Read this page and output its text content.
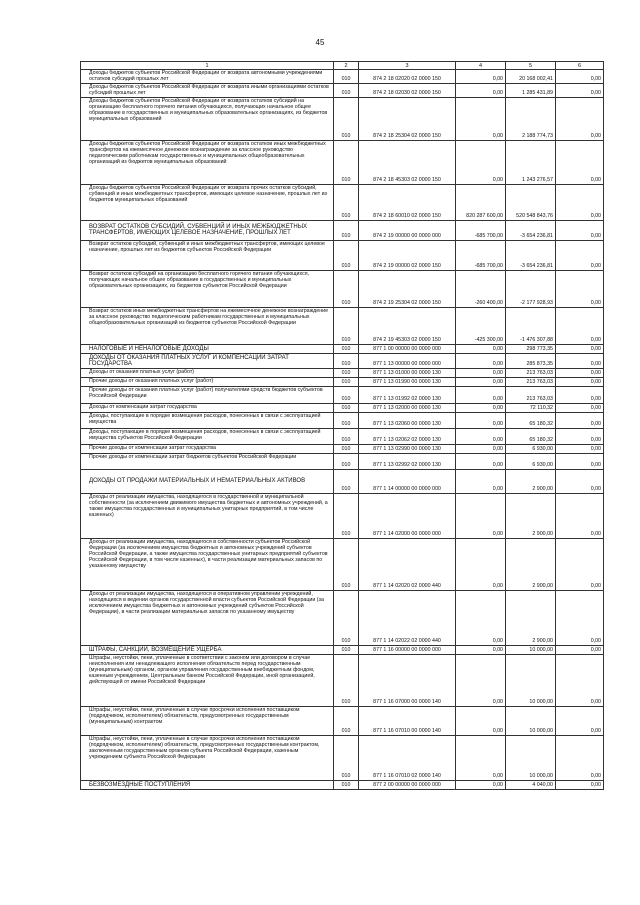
45
1	2	3	4	5	6
Доходы бюджетов субъектов Российской Федерации от возврата автономными учреждениями остатков субсидий прошлых лет	010	874 2 18 02020 02 0000 150	0,00	20 168 002,41	0,00
Доходы бюджетов субъектов Российской Федерации от возврата иными организациями остатков субсидий прошлых лет	010	874 2 18 02030 02 0000 150	0,00	1 285 431,89	0,00
Доходы бюджетов субъектов Российской Федерации от возврата остатков субсидий на организацию бесплатного горячего питания обучающихся, получающих начальное общее образование в государственных и муниципальных образовательных организациях, из бюджетов муниципальных образований	010	874 2 18 25304 02 0000 150	0,00	2 188 774,73	0,00
Доходы бюджетов субъектов Российской Федерации от возврата остатков иных межбюджетных трансфертов на ежемесячное денежное вознаграждение за классное руководство педагогическим работникам государственных и муниципальных общеобразовательных организаций из бюджетов муниципальных образований	010	874 2 18 45303 02 0000 150	0,00	1 243 276,57	0,00
Доходы бюджетов субъектов Российской Федерации от возврата прочих остатков субсидий, субвенций и иных межбюджетных трансфертов, имеющих целевое назначение, прошлых лет из бюджетов муниципальных образований	010	874 2 18 60010 02 0000 150	820 287 600,00	520 548 843,76	0,00
ВОЗВРАТ ОСТАТКОВ СУБСИДИЙ, СУБВЕНЦИЙ И ИНЫХ МЕЖБЮДЖЕТНЫХ ТРАНСФЕРТОВ, ИМЕЮЩИХ ЦЕЛЕВОЕ НАЗНАЧЕНИЕ, ПРОШЛЫХ ЛЕТ	010	874 2 19 00000 00 0000 000	-685 700,00	-3 654 236,81	0,00
Возврат остатков субсидий, субвенций и иных межбюджетных трансфертов, имеющих целевое назначение, прошлых лет из бюджетов субъектов Российской Федерации	010	874 2 19 00000 02 0000 150	-685 700,00	-3 654 236,81	0,00
Возврат остатков субсидий на организацию бесплатного горячего питания обучающихся, получающих начальное общее образование в государственных и муниципальных образовательных организациях, из бюджетов субъектов Российской Федерации	010	874 2 19 25304 02 0000 150	-260 400,00	-2 177 928,93	0,00
Возврат остатков иных межбюджетных трансфертов на ежемесячное денежное вознаграждение за классное руководство педагогическим работникам государственных и муниципальных общеобразовательных организаций из бюджетов субъектов Российской Федерации	010	874 2 19 45303 02 0000 150	-425 300,00	-1 476 307,88	0,00
НАЛОГОВЫЕ И НЕНАЛОГОВЫЕ ДОХОДЫ	010	877 1 00 00000 00 0000 000	0,00	298 773,35	0,00
ДОХОДЫ ОТ ОКАЗАНИЯ ПЛАТНЫХ УСЛУГ И КОМПЕНСАЦИИ ЗАТРАТ ГОСУДАРСТВА	010	877 1 13 00000 00 0000 000	0,00	285 873,35	0,00
Доходы от оказания платных услуг (работ)	010	877 1 13 01000 00 0000 130	0,00	213 763,03	0,00
Прочие доходы от оказания платных услуг (работ)	010	877 1 13 01990 00 0000 130	0,00	213 763,03	0,00
Прочие доходы от оказания платных услуг (работ) получателями средств бюджетов субъектов Российской Федерации	010	877 1 13 01992 02 0000 130	0,00	213 763,03	0,00
Доходы от компенсации затрат государства	010	877 1 13 02000 00 0000 130	0,00	72 110,32	0,00
Доходы, поступающие в порядке возмещения расходов, понесенных в связи с эксплуатацией имущества	010	877 1 13 02060 00 0000 130	0,00	65 180,32	0,00
Доходы, поступающие в порядке возмещения расходов, понесенных в связи с эксплуатацией имущества субъектов Российской Федерации	010	877 1 13 02062 02 0000 130	0,00	65 180,32	0,00
Прочие доходы от компенсации затрат государства	010	877 1 13 02990 00 0000 130	0,00	6 930,00	0,00
Прочие доходы от компенсации затрат бюджетов субъектов Российской Федерации	010	877 1 13 02992 02 0000 130	0,00	6 930,00	0,00
ДОХОДЫ ОТ ПРОДАЖИ МАТЕРИАЛЬНЫХ И НЕМАТЕРИАЛЬНЫХ АКТИВОВ	010	877 1 14 00000 00 0000 000	0,00	2 900,00	0,00
Доходы от реализации имущества, находящегося в государственной и муниципальной собственности (за исключением движимого имущества бюджетных и автономных учреждений, а также имущества государственных и муниципальных унитарных предприятий, в том числе казенных)	010	877 1 14 02000 00 0000 000	0,00	2 900,00	0,00
Доходы от реализации имущества, находящегося в собственности субъектов Российской Федерации (за исключением имущества бюджетных и автономных учреждений субъектов Российской Федерации, а также имущества государственных унитарных предприятий субъектов Российской Федерации, в том числе казенных), в части реализации материальных запасов по указанному имуществу	010	877 1 14 02020 02 0000 440	0,00	2 900,00	0,00
Доходы от реализации имущества, находящегося в оперативном управлении учреждений, находящихся в ведении органов государственной власти субъектов Российской Федерации (за исключением имущества бюджетных и автономных учреждений субъектов Российской Федерации), в части реализации материальных запасов по указанному имуществу	010	877 1 14 02022 02 0000 440	0,00	2 900,00	0,00
ШТРАФЫ, САНКЦИИ, ВОЗМЕЩЕНИЕ УЩЕРБА	010	877 1 16 00000 00 0000 000	0,00	10 000,00	0,00
Штрафы, неустойки, пени, уплаченные в соответствии с законом или договором в случае неисполнения или ненадлежащего исполнения обязательств перед государственным (муниципальным) органом, органом управления государственным внебюджетным фондом, казенным учреждением, Центральным банком Российской Федерации, иной организацией, действующей от имени Российской Федерации	010	877 1 16 07000 00 0000 140	0,00	10 000,00	0,00
Штрафы, неустойки, пени, уплаченные в случае просрочки исполнения поставщиком (подрядчиком, исполнителем) обязательств, предусмотренных государственным (муниципальным) контрактом	010	877 1 16 07010 00 0000 140	0,00	10 000,00	0,00
Штрафы, неустойки, пени, уплаченные в случае просрочки исполнения поставщиком (подрядчиком, исполнителем) обязательств, предусмотренных государственным контрактом, заключенным государственным органом субъекта Российской Федерации, казенным учреждением субъекта Российской Федерации	010	877 1 16 07010 02 0000 140	0,00	10 000,00	0,00
БЕЗВОЗМЕЗДНЫЕ ПОСТУПЛЕНИЯ	010	877 2 00 00000 00 0000 000	0,00	4 040,00	0,00
